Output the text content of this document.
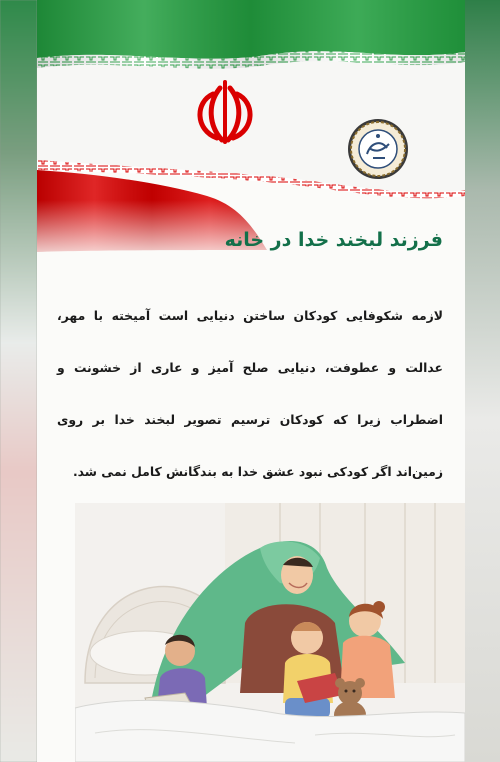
فرزند لبخند خدا در خانه
لازمه شکوفایی کودکان ساختن دنیایی است آمیخته با مهر، عدالت و عطوفت، دنیایی صلح آمیز و عاری از خشونت و اضطراب زیرا که کودکان ترسیم تصویر لبخند خدا بر روی زمین‌اند اگر کودکی نبود عشق خدا به بندگانش کامل نمی شد.
